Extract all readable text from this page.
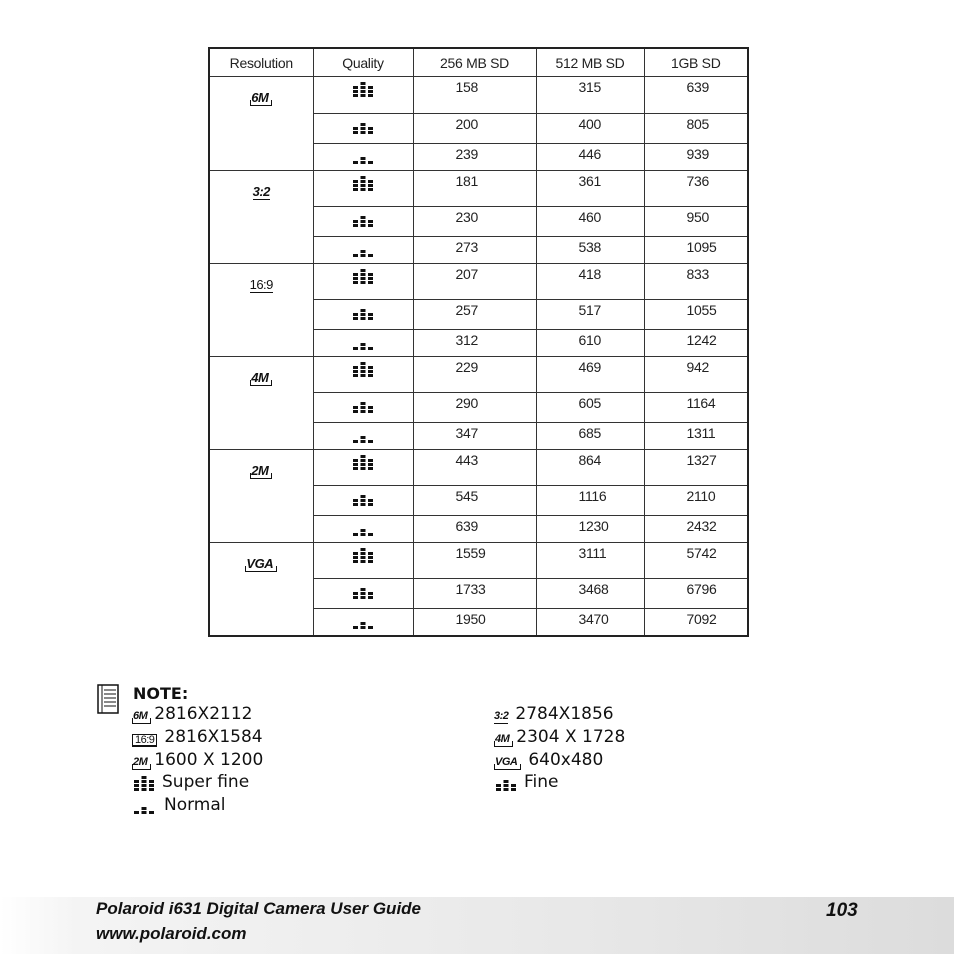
Resolution	Quality	256 MB SD	512 MB SD	1GB SD
6M		158	315	639

	200	400	805

	239	446	939
3:2		181	361	736

	230	460	950

	273	538	1095
16:9		207	418	833

	257	517	1055

	312	610	1242
4M		229	469	942

	290	605	1164

	347	685	1311
2M		443	864	1327

	545	1116	2110

	639	1230	2432
VGA		1559	3111	5742

	1733	3468	6796

	1950	3470	7092
NOTE:
6M 2816X2112	3:2 2784X1856
16:9 2816X1584	4M 2304 X 1728
2M 1600 X 1200	VGA 640x480
Super fine	Fine
Normal
Polaroid i631 Digital Camera User Guide
www.polaroid.com
103
